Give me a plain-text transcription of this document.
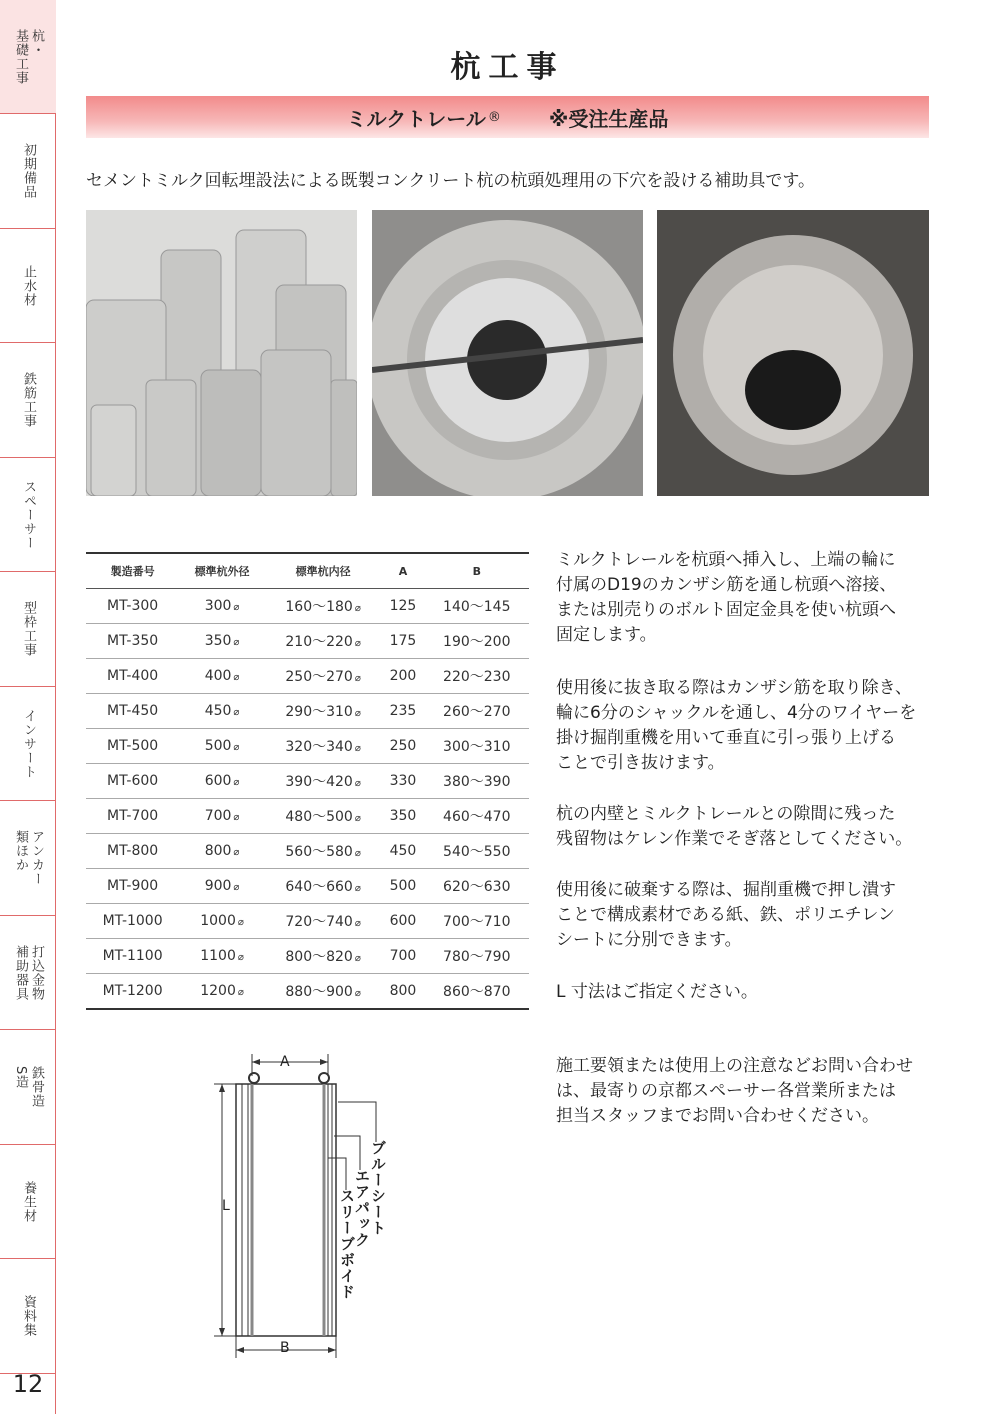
杭・
基礎工事
初期備品
止水材
鉄筋工事
スペーサー
型枠工事
インサート
アンカー
類ほか
打込金物
補助器具
鉄骨造
S造
養生材
資料集
12
杭工事
ミルクトレール ® ※受注生産品
セメントミルク回転埋設法による既製コンクリート杭の杭頭処理用の下穴を設ける補助具です。
製造番号	標準杭外径	標準杭内径	A	B
MT-300	300 ⌀	160～180 ⌀	125	140～145
MT-350	350 ⌀	210～220 ⌀	175	190～200
MT-400	400 ⌀	250～270 ⌀	200	220～230
MT-450	450 ⌀	290～310 ⌀	235	260～270
MT-500	500 ⌀	320～340 ⌀	250	300～310
MT-600	600 ⌀	390～420 ⌀	330	380～390
MT-700	700 ⌀	480～500 ⌀	350	460～470
MT-800	800 ⌀	560～580 ⌀	450	540～550
MT-900	900 ⌀	640～660 ⌀	500	620～630
MT-1000	1000 ⌀	720～740 ⌀	600	700～710
MT-1100	1100 ⌀	800～820 ⌀	700	780～790
MT-1200	1200 ⌀	880～900 ⌀	800	860～870
ミルクトレールを杭頭へ挿入し、上端の輪に
付属のD19のカンザシ筋を通し杭頭へ溶接、
または別売りのボルト固定金具を使い杭頭へ
固定します。
使用後に抜き取る際はカンザシ筋を取り除き、
輪に6分のシャックルを通し、4分のワイヤーを
掛け掘削重機を用いて垂直に引っ張り上げる
ことで引き抜けます。
杭の内壁とミルクトレールとの隙間に残った
残留物はケレン作業でそぎ落としてください。
使用後に破棄する際は、掘削重機で押し潰す
ことで構成素材である紙、鉄、ポリエチレン
シートに分別できます。
L 寸法はご指定ください。
施工要領または使用上の注意などお問い合わせ
は、最寄りの京都スペーサー各営業所または
担当スタッフまでお問い合わせください。
A
B
L	ブルーシート
エアパック
スリーブボイド
